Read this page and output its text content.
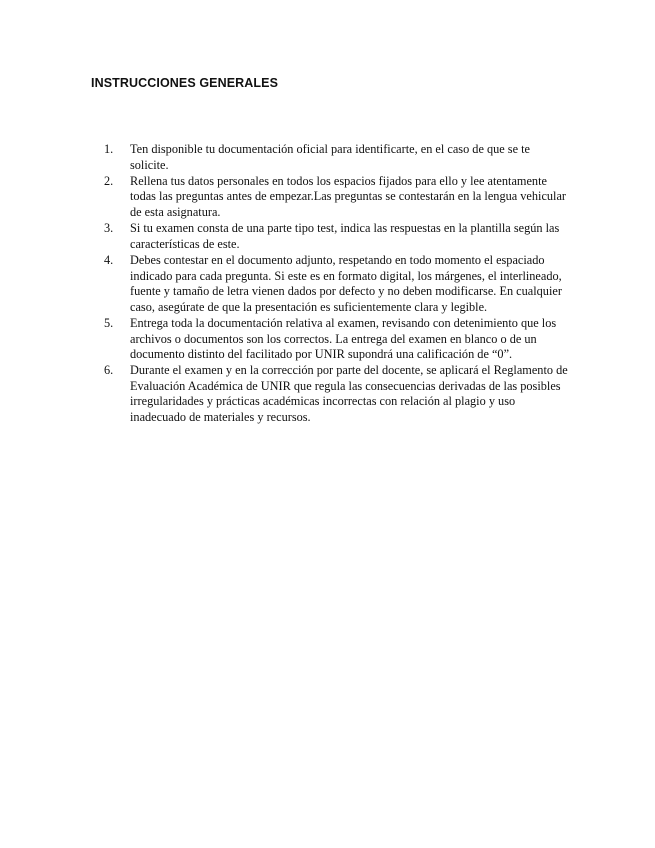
INSTRUCCIONES GENERALES
1. Ten disponible tu documentación oficial para identificarte, en el caso de que se te solicite.
2. Rellena tus datos personales en todos los espacios fijados para ello y lee atentamente todas las preguntas antes de empezar.Las preguntas se contestarán en la lengua vehicular de esta asignatura.
3. Si tu examen consta de una parte tipo test, indica las respuestas en la plantilla según las características de este.
4. Debes contestar en el documento adjunto, respetando en todo momento el espaciado indicado para cada pregunta. Si este es en formato digital, los márgenes, el interlineado, fuente y tamaño de letra vienen dados por defecto y no deben modificarse. En cualquier caso, asegúrate de que la presentación es suficientemente clara y legible.
5. Entrega toda la documentación relativa al examen, revisando con detenimiento que los archivos o documentos son los correctos. La entrega del examen en blanco o de un documento distinto del facilitado por UNIR supondrá una calificación de “0”.
6. Durante el examen y en la corrección por parte del docente, se aplicará el Reglamento de Evaluación Académica de UNIR que regula las consecuencias derivadas de las posibles irregularidades y prácticas académicas incorrectas con relación al plagio y uso inadecuado de materiales y recursos.
